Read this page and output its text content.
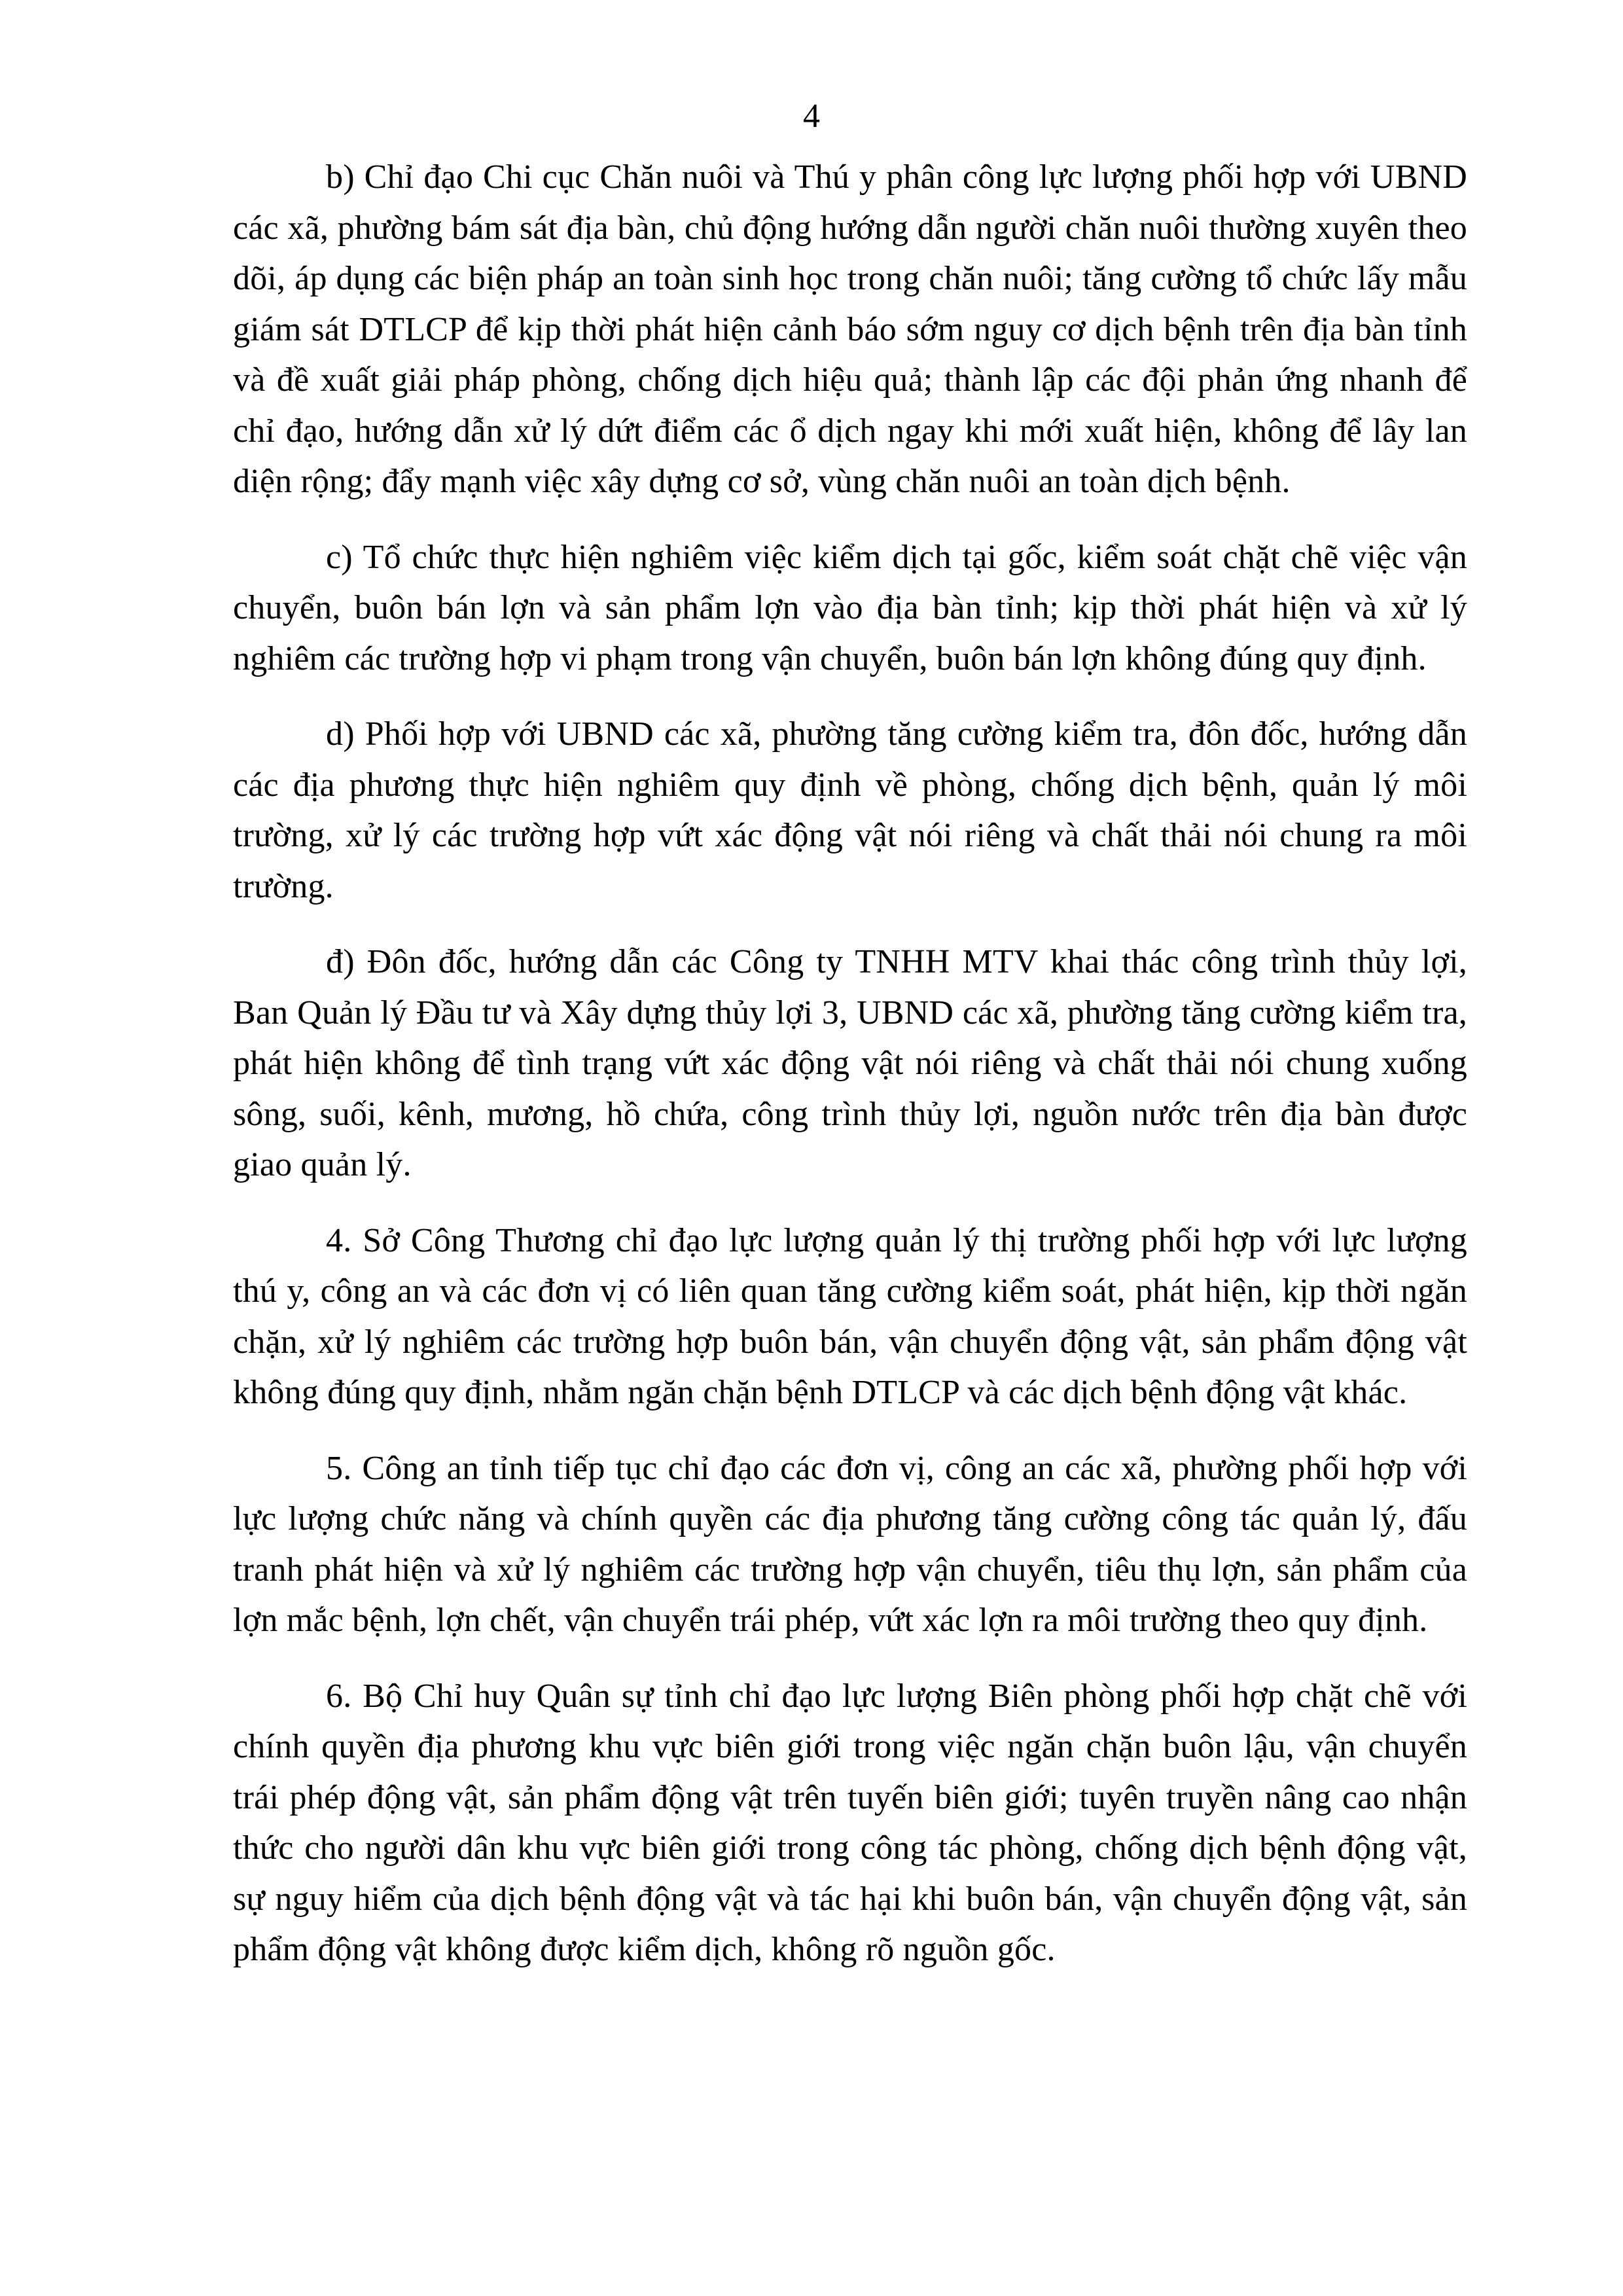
4

b) Chỉ đạo Chi cục Chăn nuôi và Thú y phân công lực lượng phối hợp với UBND các xã, phường bám sát địa bàn, chủ động hướng dẫn người chăn nuôi thường xuyên theo dõi, áp dụng các biện pháp an toàn sinh học trong chăn nuôi; tăng cường tổ chức lấy mẫu giám sát DTLCP để kịp thời phát hiện cảnh báo sớm nguy cơ dịch bệnh trên địa bàn tỉnh và đề xuất giải pháp phòng, chống dịch hiệu quả; thành lập các đội phản ứng nhanh để chỉ đạo, hướng dẫn xử lý dứt điểm các ổ dịch ngay khi mới xuất hiện, không để lây lan diện rộng; đẩy mạnh việc xây dựng cơ sở, vùng chăn nuôi an toàn dịch bệnh.

c) Tổ chức thực hiện nghiêm việc kiểm dịch tại gốc, kiểm soát chặt chẽ việc vận chuyển, buôn bán lợn và sản phẩm lợn vào địa bàn tỉnh; kịp thời phát hiện và xử lý nghiêm các trường hợp vi phạm trong vận chuyển, buôn bán lợn không đúng quy định.

d) Phối hợp với UBND các xã, phường tăng cường kiểm tra, đôn đốc, hướng dẫn các địa phương thực hiện nghiêm quy định về phòng, chống dịch bệnh, quản lý môi trường, xử lý các trường hợp vứt xác động vật nói riêng và chất thải nói chung ra môi trường.

đ) Đôn đốc, hướng dẫn các Công ty TNHH MTV khai thác công trình thủy lợi, Ban Quản lý Đầu tư và Xây dựng thủy lợi 3, UBND các xã, phường tăng cường kiểm tra, phát hiện không để tình trạng vứt xác động vật nói riêng và chất thải nói chung xuống sông, suối, kênh, mương, hồ chứa, công trình thủy lợi, nguồn nước trên địa bàn được giao quản lý.

4. Sở Công Thương chỉ đạo lực lượng quản lý thị trường phối hợp với lực lượng thú y, công an và các đơn vị có liên quan tăng cường kiểm soát, phát hiện, kịp thời ngăn chặn, xử lý nghiêm các trường hợp buôn bán, vận chuyển động vật, sản phẩm động vật không đúng quy định, nhằm ngăn chặn bệnh DTLCP và các dịch bệnh động vật khác.

5. Công an tỉnh tiếp tục chỉ đạo các đơn vị, công an các xã, phường phối hợp với lực lượng chức năng và chính quyền các địa phương tăng cường công tác quản lý, đấu tranh phát hiện và xử lý nghiêm các trường hợp vận chuyển, tiêu thụ lợn, sản phẩm của lợn mắc bệnh, lợn chết, vận chuyển trái phép, vứt xác lợn ra môi trường theo quy định.

6. Bộ Chỉ huy Quân sự tỉnh chỉ đạo lực lượng Biên phòng phối hợp chặt chẽ với chính quyền địa phương khu vực biên giới trong việc ngăn chặn buôn lậu, vận chuyển trái phép động vật, sản phẩm động vật trên tuyến biên giới; tuyên truyền nâng cao nhận thức cho người dân khu vực biên giới trong công tác phòng, chống dịch bệnh động vật, sự nguy hiểm của dịch bệnh động vật và tác hại khi buôn bán, vận chuyển động vật, sản phẩm động vật không được kiểm dịch, không rõ nguồn gốc.
